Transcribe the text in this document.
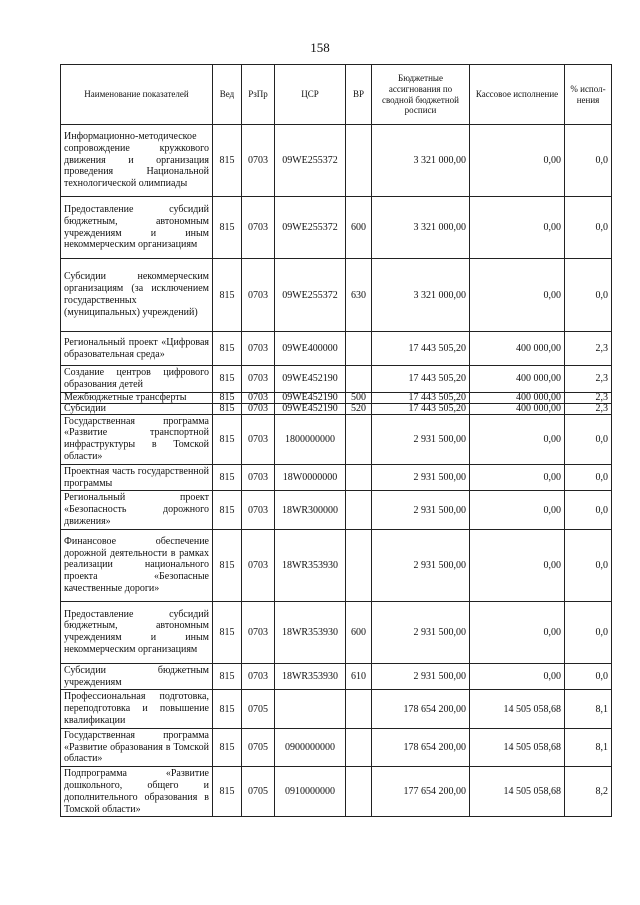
158
Наименование показателей	Вед	РзПр	ЦСР	ВР	Бюджетные ассигнования по сводной бюджетной росписи	Кассовое исполнение	% испол-нения
Информационно-методическое сопровождение кружкового движения и организация проведения Национальной технологической олимпиады	815	0703	09WE255372		3 321 000,00	0,00	0,0
Предоставление субсидий бюджетным, автономным учреждениям и иным некоммерческим организациям	815	0703	09WE255372	600	3 321 000,00	0,00	0,0
Субсидии некоммерческим организациям (за исключением государственных (муниципальных) учреждений)	815	0703	09WE255372	630	3 321 000,00	0,00	0,0
Региональный проект «Цифровая образовательная среда»	815	0703	09WE400000		17 443 505,20	400 000,00	2,3
Создание центров цифрового образования детей	815	0703	09WE452190		17 443 505,20	400 000,00	2,3
Межбюджетные трансферты	815	0703	09WE452190	500	17 443 505,20	400 000,00	2,3
Субсидии	815	0703	09WE452190	520	17 443 505,20	400 000,00	2,3
Государственная программа «Развитие транспортной инфраструктуры в Томской области»	815	0703	1800000000		2 931 500,00	0,00	0,0
Проектная часть государственной программы	815	0703	18W0000000		2 931 500,00	0,00	0,0
Региональный проект «Безопасность дорожного движения»	815	0703	18WR300000		2 931 500,00	0,00	0,0
Финансовое обеспечение дорожной деятельности в рамках реализации национального проекта «Безопасные качественные дороги»	815	0703	18WR353930		2 931 500,00	0,00	0,0
Предоставление субсидий бюджетным, автономным учреждениям и иным некоммерческим организациям	815	0703	18WR353930	600	2 931 500,00	0,00	0,0
Субсидии бюджетным учреждениям	815	0703	18WR353930	610	2 931 500,00	0,00	0,0
Профессиональная подготовка, переподготовка и повышение квалификации	815	0705			178 654 200,00	14 505 058,68	8,1
Государственная программа «Развитие образования в Томской области»	815	0705	0900000000		178 654 200,00	14 505 058,68	8,1
Подпрограмма «Развитие дошкольного, общего и дополнительного образования в Томской области»	815	0705	0910000000		177 654 200,00	14 505 058,68	8,2
